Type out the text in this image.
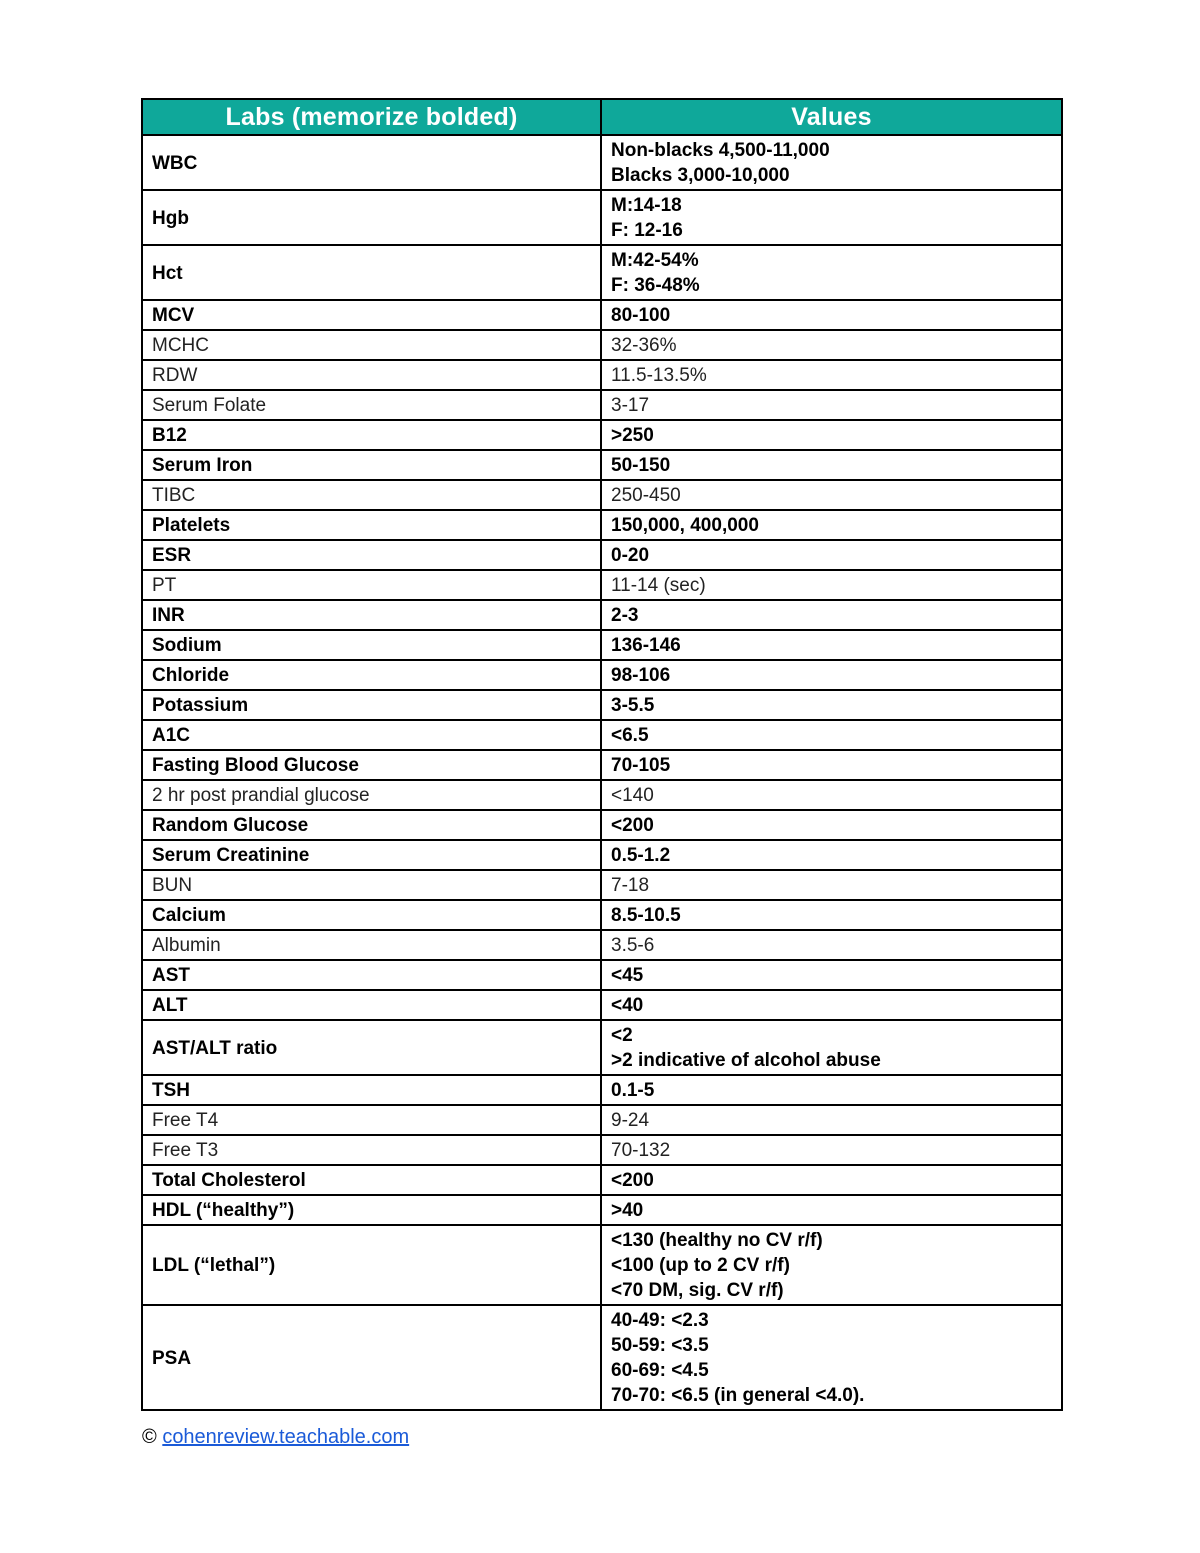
Labs (memorize bolded)	Values
WBC	Non-blacks 4,500-11,000
Blacks 3,000-10,000
Hgb	M:14-18
F: 12-16
Hct	M:42-54%
F: 36-48%
MCV	80-100
MCHC	32-36%
RDW	11.5-13.5%
Serum Folate	3-17
B12	>250
Serum Iron	50-150
TIBC	250-450
Platelets	150,000, 400,000
ESR	0-20
PT	11-14 (sec)
INR	2-3
Sodium	136-146
Chloride	98-106
Potassium	3-5.5
A1C	<6.5
Fasting Blood Glucose	70-105
2 hr post prandial glucose	<140
Random Glucose	<200
Serum Creatinine	0.5-1.2
BUN	7-18
Calcium	8.5-10.5
Albumin	3.5-6
AST	<45
ALT	<40
AST/ALT ratio	<2
>2 indicative of alcohol abuse
TSH	0.1-5
Free T4	9-24
Free T3	70-132
Total Cholesterol	<200
HDL (“healthy”)	>40
LDL (“lethal”)	<130 (healthy no CV r/f)
<100 (up to 2 CV r/f)
<70 DM, sig. CV r/f)
PSA	40-49: <2.3
50-59: <3.5
60-69: <4.5
70-70: <6.5 (in general <4.0).
© cohenreview.teachable.com
